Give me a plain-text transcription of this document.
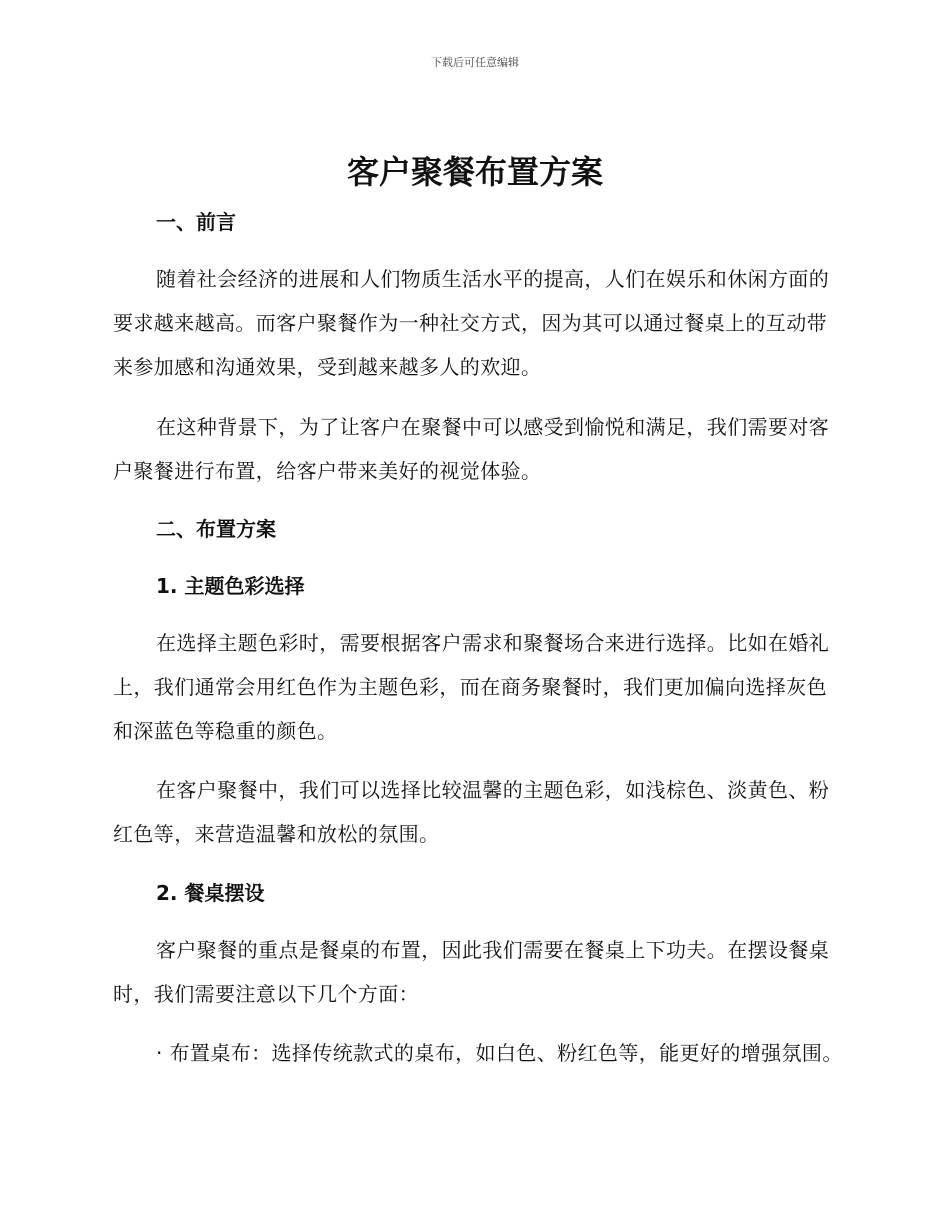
下载后可任意编辑
客户聚餐布置方案
一、前言

随着社会经济的进展和人们物质生活水平的提高，人们在娱乐和休闲方面的要求越来越高。而客户聚餐作为一种社交方式，因为其可以通过餐桌上的互动带来参加感和沟通效果，受到越来越多人的欢迎。

在这种背景下，为了让客户在聚餐中可以感受到愉悦和满足，我们需要对客户聚餐进行布置，给客户带来美好的视觉体验。

二、布置方案
1. 主题色彩选择

在选择主题色彩时，需要根据客户需求和聚餐场合来进行选择。比如在婚礼上，我们通常会用红色作为主题色彩，而在商务聚餐时，我们更加偏向选择灰色和深蓝色等稳重的颜色。

在客户聚餐中，我们可以选择比较温馨的主题色彩，如浅棕色、淡黄色、粉红色等，来营造温馨和放松的氛围。

2. 餐桌摆设

客户聚餐的重点是餐桌的布置，因此我们需要在餐桌上下功夫。在摆设餐桌时，我们需要注意以下几个方面：

· 布置桌布：选择传统款式的桌布，如白色、粉红色等，能更好的增强氛围。
